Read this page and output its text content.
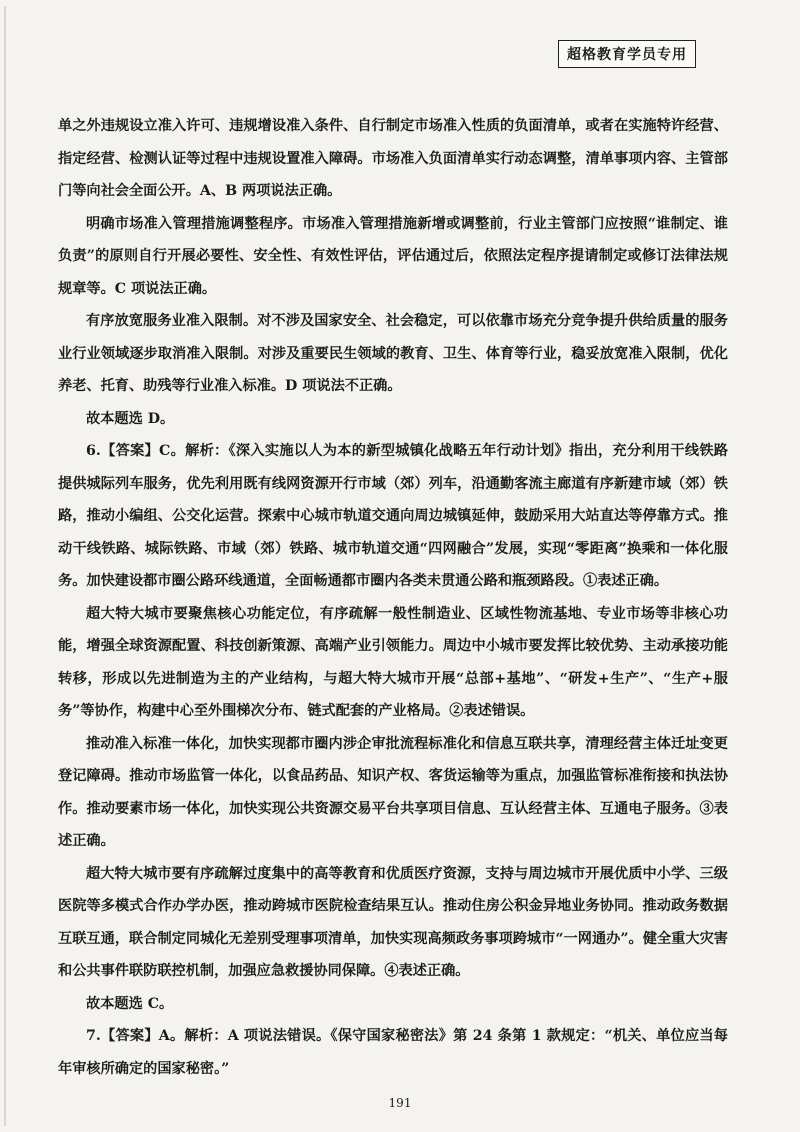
超格教育学员专用

单之外违规设立准入许可、违规增设准入条件、自行制定市场准入性质的负面清单，或者在实施特许经营、指定经营、检测认证等过程中违规设置准入障碍。市场准入负面清单实行动态调整，清单事项内容、主管部门等向社会全面公开。A、B 两项说法正确。

明确市场准入管理措施调整程序。市场准入管理措施新增或调整前，行业主管部门应按照“谁制定、谁负责”的原则自行开展必要性、安全性、有效性评估，评估通过后，依照法定程序提请制定或修订法律法规规章等。C 项说法正确。

有序放宽服务业准入限制。对不涉及国家安全、社会稳定，可以依靠市场充分竞争提升供给质量的服务业行业领域逐步取消准入限制。对涉及重要民生领域的教育、卫生、体育等行业，稳妥放宽准入限制，优化养老、托育、助残等行业准入标准。D 项说法不正确。

故本题选 D。

6.【答案】C。解析：《深入实施以人为本的新型城镇化战略五年行动计划》指出，充分利用干线铁路提供城际列车服务，优先利用既有线网资源开行市域（郊）列车，沿通勤客流主廊道有序新建市域（郊）铁路，推动小编组、公交化运营。探索中心城市轨道交通向周边城镇延伸，鼓励采用大站直达等停靠方式。推动干线铁路、城际铁路、市域（郊）铁路、城市轨道交通“四网融合”发展，实现“零距离”换乘和一体化服务。加快建设都市圈公路环线通道，全面畅通都市圈内各类未贯通公路和瓶颈路段。①表述正确。

超大特大城市要聚焦核心功能定位，有序疏解一般性制造业、区域性物流基地、专业市场等非核心功能，增强全球资源配置、科技创新策源、高端产业引领能力。周边中小城市要发挥比较优势、主动承接功能转移，形成以先进制造为主的产业结构，与超大特大城市开展“总部+基地”、“研发+生产”、“生产+服务”等协作，构建中心至外围梯次分布、链式配套的产业格局。②表述错误。

推动准入标准一体化，加快实现都市圈内涉企审批流程标准化和信息互联共享，清理经营主体迁址变更登记障碍。推动市场监管一体化，以食品药品、知识产权、客货运输等为重点，加强监管标准衔接和执法协作。推动要素市场一体化，加快实现公共资源交易平台共享项目信息、互认经营主体、互通电子服务。③表述正确。

超大特大城市要有序疏解过度集中的高等教育和优质医疗资源，支持与周边城市开展优质中小学、三级医院等多模式合作办学办医，推动跨城市医院检查结果互认。推动住房公积金异地业务协同。推动政务数据互联互通，联合制定同城化无差别受理事项清单，加快实现高频政务事项跨城市“一网通办”。健全重大灾害和公共事件联防联控机制，加强应急救援协同保障。④表述正确。

故本题选 C。

7.【答案】A。解析：A 项说法错误。《保守国家秘密法》第 24 条第 1 款规定：“机关、单位应当每年审核所确定的国家秘密。”

191
